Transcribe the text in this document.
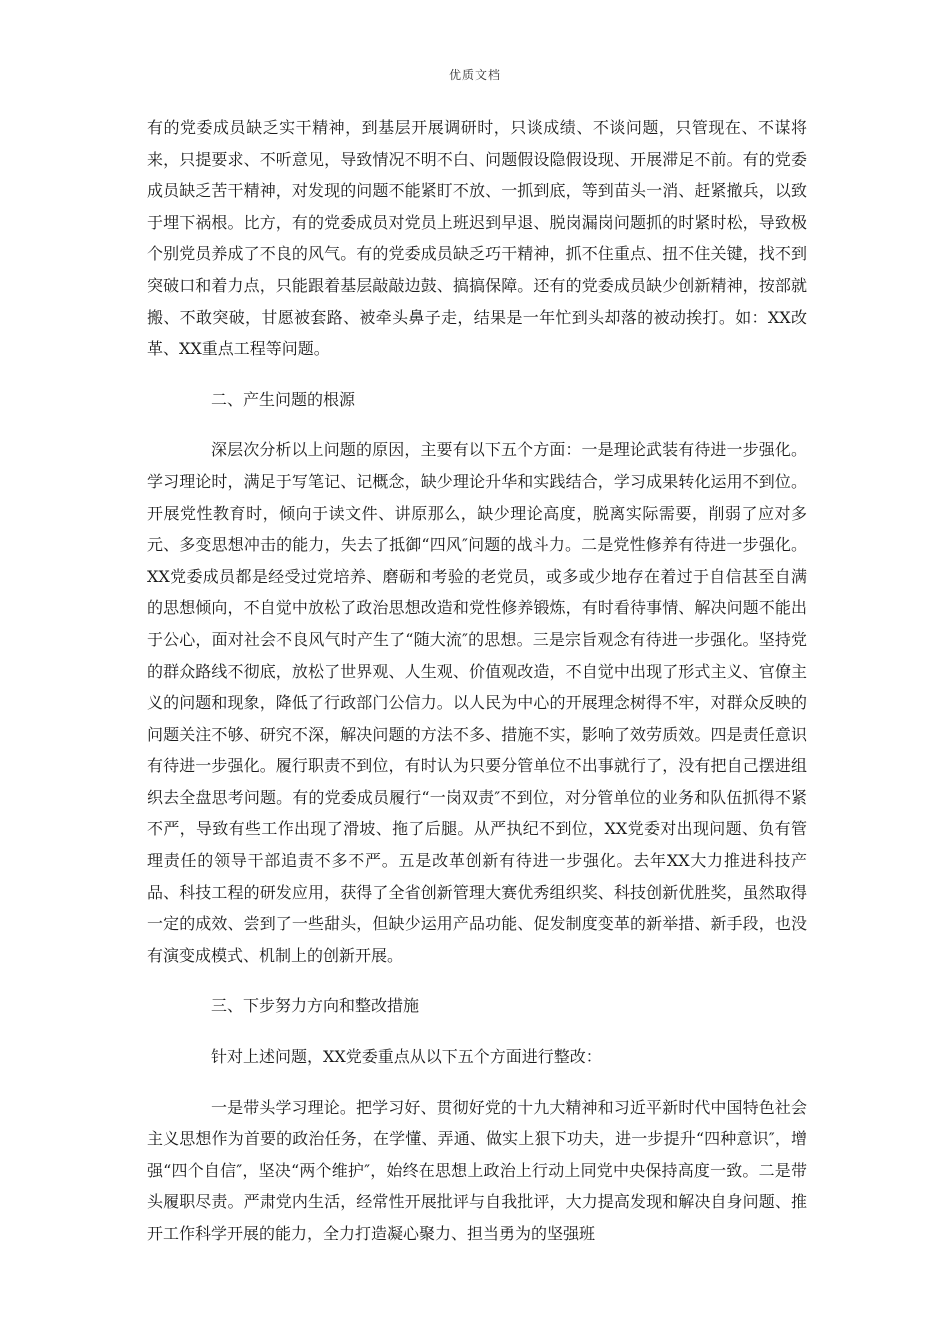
优质文档

有的党委成员缺乏实干精神，到基层开展调研时，只谈成绩、不谈问题，只管现在、不谋将来，只提要求、不听意见，导致情况不明不白、问题假设隐假设现、开展滞足不前。有的党委成员缺乏苦干精神，对发现的问题不能紧盯不放、一抓到底，等到苗头一消、赶紧撤兵，以致于埋下祸根。比方，有的党委成员对党员上班迟到早退、脱岗漏岗问题抓的时紧时松，导致极个别党员养成了不良的风气。有的党委成员缺乏巧干精神，抓不住重点、扭不住关键，找不到突破口和着力点，只能跟着基层敲敲边鼓、搞搞保障。还有的党委成员缺少创新精神，按部就搬、不敢突破，甘愿被套路、被牵头鼻子走，结果是一年忙到头却落的被动挨打。如：XX改革、XX重点工程等问题。

二、产生问题的根源

深层次分析以上问题的原因，主要有以下五个方面：一是理论武装有待进一步强化。学习理论时，满足于写笔记、记概念，缺少理论升华和实践结合，学习成果转化运用不到位。开展党性教育时，倾向于读文件、讲原那么，缺少理论高度，脱离实际需要，削弱了应对多元、多变思想冲击的能力，失去了抵御“四风″问题的战斗力。二是党性修养有待进一步强化。XX党委成员都是经受过党培养、磨砺和考验的老党员，或多或少地存在着过于自信甚至自满的思想倾向，不自觉中放松了政治思想改造和党性修养锻炼，有时看待事情、解决问题不能出于公心，面对社会不良风气时产生了“随大流″的思想。三是宗旨观念有待进一步强化。坚持党的群众路线不彻底，放松了世界观、人生观、价值观改造，不自觉中出现了形式主义、官僚主义的问题和现象，降低了行政部门公信力。以人民为中心的开展理念树得不牢，对群众反映的问题关注不够、研究不深，解决问题的方法不多、措施不实，影响了效劳质效。四是责任意识有待进一步强化。履行职责不到位，有时认为只要分管单位不出事就行了，没有把自己摆进组织去全盘思考问题。有的党委成员履行“一岗双责″不到位，对分管单位的业务和队伍抓得不紧不严，导致有些工作出现了滑坡、拖了后腿。从严执纪不到位，XX党委对出现问题、负有管理责任的领导干部追责不多不严。五是改革创新有待进一步强化。去年XX大力推进科技产品、科技工程的研发应用，获得了全省创新管理大赛优秀组织奖、科技创新优胜奖，虽然取得一定的成效、尝到了一些甜头，但缺少运用产品功能、促发制度变革的新举措、新手段，也没有演变成模式、机制上的创新开展。

三、下步努力方向和整改措施

针对上述问题，XX党委重点从以下五个方面进行整改：

一是带头学习理论。把学习好、贯彻好党的十九大精神和习近平新时代中国特色社会主义思想作为首要的政治任务，在学懂、弄通、做实上狠下功夫，进一步提升“四种意识″，增强“四个自信″，坚决“两个维护″，始终在思想上政治上行动上同党中央保持高度一致。二是带头履职尽责。严肃党内生活，经常性开展批评与自我批评，大力提高发现和解决自身问题、推开工作科学开展的能力，全力打造凝心聚力、担当勇为的坚强班
